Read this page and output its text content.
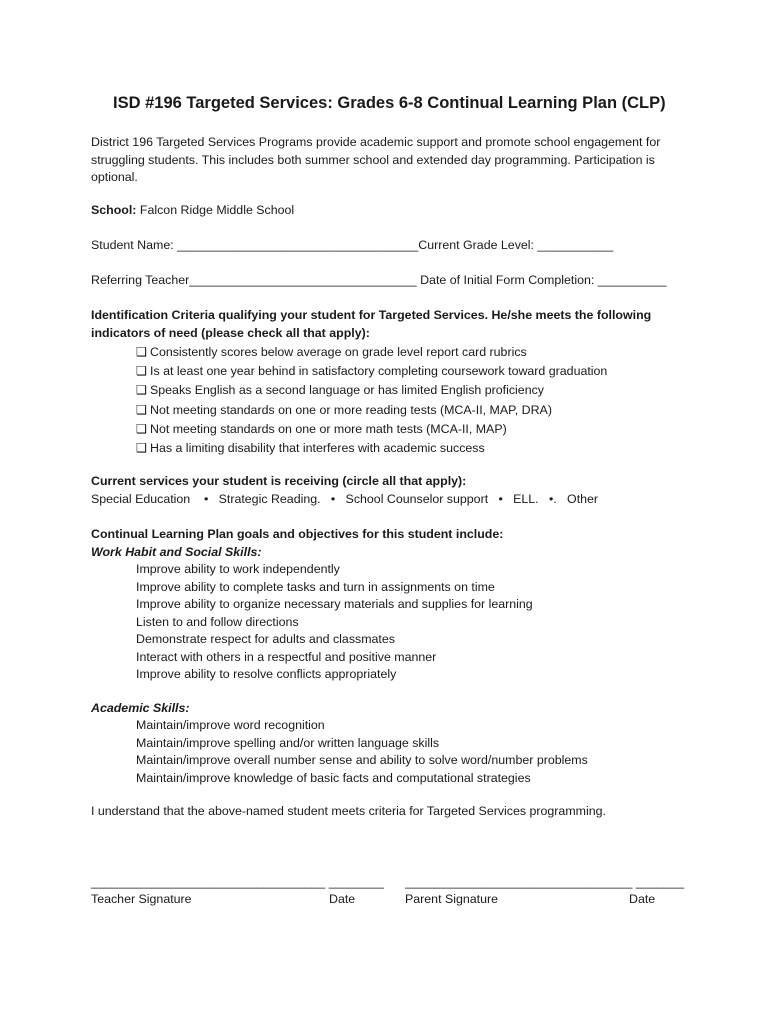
ISD #196 Targeted Services: Grades 6-8 Continual Learning Plan (CLP)
District 196 Targeted Services Programs provide academic support and promote school engagement for struggling students. This includes both summer school and extended day programming. Participation is optional.
School: Falcon Ridge Middle School
Student Name: ___________________________________Current Grade Level: ___________
Referring Teacher_________________________________ Date of Initial Form Completion: __________
Identification Criteria qualifying your student for Targeted Services. He/she meets the following
indicators of need (please check all that apply):
❑ Consistently scores below average on grade level report card rubrics
❑ Is at least one year behind in satisfactory completing coursework toward graduation
❑ Speaks English as a second language or has limited English proficiency
❑ Not meeting standards on one or more reading tests (MCA-II, MAP, DRA)
❑ Not meeting standards on one or more math tests (MCA-II, MAP)
❑ Has a limiting disability that interferes with academic success
Current services your student is receiving (circle all that apply):
Special Education    •   Strategic Reading.   •   School Counselor support   •   ELL.   •.   Other
Continual Learning Plan goals and objectives for this student include:
Work Habit and Social Skills:
Improve ability to work independently
Improve ability to complete tasks and turn in assignments on time
Improve ability to organize necessary materials and supplies for learning
Listen to and follow directions
Demonstrate respect for adults and classmates
Interact with others in a respectful and positive manner
Improve ability to resolve conflicts appropriately
Academic Skills:
Maintain/improve word recognition
Maintain/improve spelling and/or written language skills
Maintain/improve overall number sense and ability to solve word/number problems
Maintain/improve knowledge of basic facts and computational strategies
I understand that the above-named student meets criteria for Targeted Services programming.
__________________________________ ________ _________________________________ _______
Teacher Signature	Date	Parent Signature	Date
